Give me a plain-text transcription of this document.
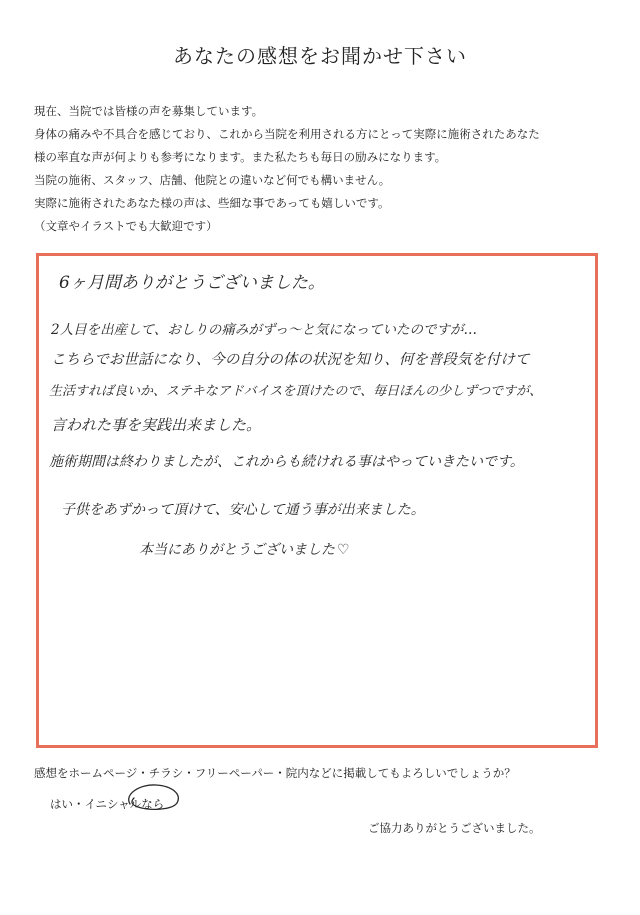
あなたの感想をお聞かせ下さい
現在、当院では皆様の声を募集しています。
身体の痛みや不具合を感じており、これから当院を利用される方にとって実際に施術されたあなた
様の率直な声が何よりも参考になります。また私たちも毎日の励みになります。
当院の施術、スタッフ、店舗、他院との違いなど何でも構いません。
実際に施術されたあなた様の声は、些細な事であっても嬉しいです。
（文章やイラストでも大歓迎です）
6ヶ月間ありがとうございました。
2人目を出産して、おしりの痛みがずっ〜と気になっていたのですが…
こちらでお世話になり、今の自分の体の状況を知り、何を普段気を付けて
生活すれば良いか、ステキなアドバイスを頂けたので、毎日ほんの少しずつですが、
言われた事を実践出来ました。
施術期間は終わりましたが、これからも続けれる事はやっていきたいです。
子供をあずかって頂けて、安心して通う事が出来ました。
本当にありがとうございました ♡
感想をホームページ・チラシ・フリーペーパー・院内などに掲載してもよろしいでしょうか？
はい・イニシャルなら
ご協力ありがとうございました。
